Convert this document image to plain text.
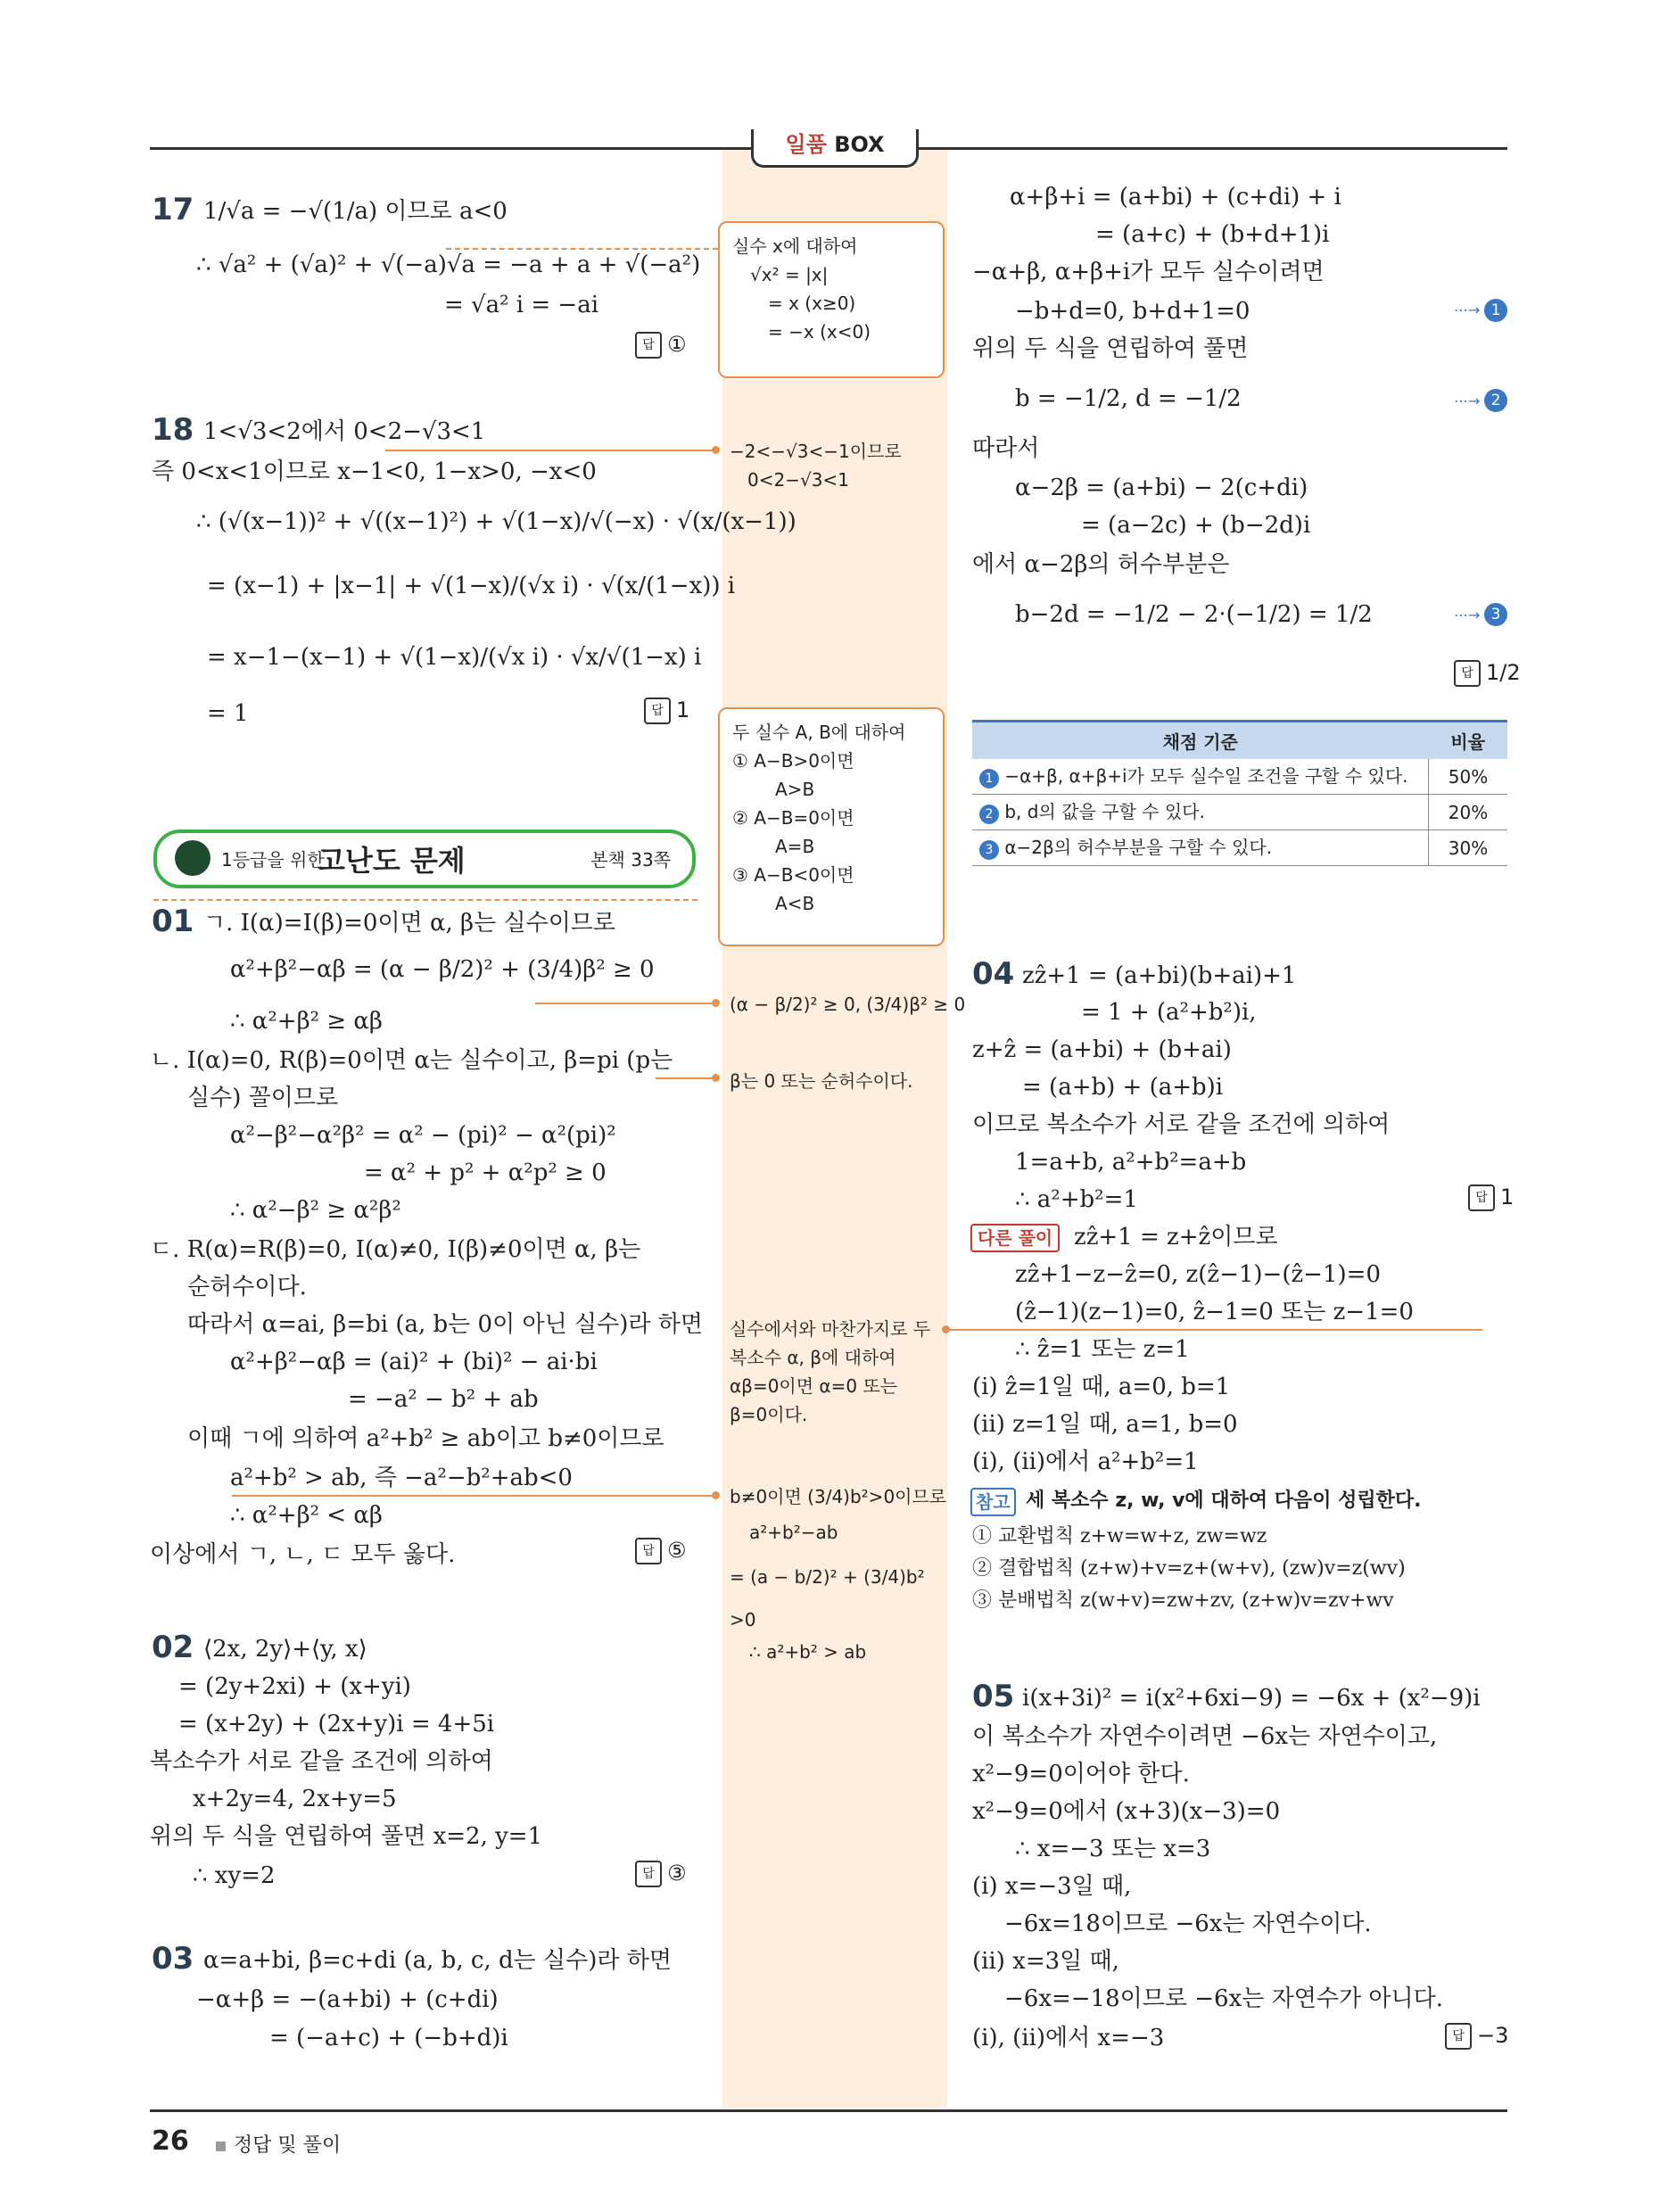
일품 BOX
17 1/√a = −√(1/a) 이므로 a<0
∴ √a² + (√a)² + √(−a)√a = −a + a + √(−a²)
= √a² i = −ai
답 ①
실수 x에 대하여
√x² = |x|
= x (x≥0)
= −x (x<0)
18 1<√3<2에서 0<2−√3<1
즉 0<x<1이므로 x−1<0, 1−x>0, −x<0
∴ (√(x−1))² + √((x−1)²) + √(1−x)/√(−x) · √(x/(x−1))
= (x−1) + |x−1| + √(1−x)/(√x i) · √(x/(1−x)) i
= x−1−(x−1) + √(1−x)/(√x i) · √x/√(1−x) i
= 1	답 1
−2<−√3<−1이므로
0<2−√3<1
두 실수 A, B에 대하여
① A−B>0이면
A>B
② A−B=0이면
A=B
③ A−B<0이면
A<B
1등급을 위한
고난도 문제	본책 33쪽
01 ㄱ. I(α)=I(β)=0이면 α, β는 실수이므로
α²+β²−αβ = (α − β/2)² + (3/4)β² ≥ 0
∴ α²+β² ≥ αβ
ㄴ. I(α)=0, R(β)=0이면 α는 실수이고, β=pi (p는
실수) 꼴이므로
α²−β²−α²β² = α² − (pi)² − α²(pi)²
= α² + p² + α²p² ≥ 0
∴ α²−β² ≥ α²β²
ㄷ. R(α)=R(β)=0, I(α)≠0, I(β)≠0이면 α, β는
순허수이다.
따라서 α=ai, β=bi (a, b는 0이 아닌 실수)라 하면
α²+β²−αβ = (ai)² + (bi)² − ai·bi
= −a² − b² + ab
이때 ㄱ에 의하여 a²+b² ≥ ab이고 b≠0이므로
a²+b² > ab, 즉 −a²−b²+ab<0
∴ α²+β² < αβ
이상에서 ㄱ, ㄴ, ㄷ 모두 옳다.	답 ⑤
(α − β/2)² ≥ 0, (3/4)β² ≥ 0
β는 0 또는 순허수이다.
실수에서와 마찬가지로 두
복소수 α, β에 대하여
αβ=0이면 α=0 또는
β=0이다.
b≠0이면 (3/4)b²>0이므로
a²+b²−ab
= (a − b/2)² + (3/4)b²
>0
∴ a²+b² > ab
02 ⟨2x, 2y⟩+⟨y, x⟩
= (2y+2xi) + (x+yi)
= (x+2y) + (2x+y)i = 4+5i
복소수가 서로 같을 조건에 의하여
x+2y=4, 2x+y=5
위의 두 식을 연립하여 풀면 x=2, y=1
∴ xy=2	답 ③
03 α=a+bi, β=c+di (a, b, c, d는 실수)라 하면
−α+β = −(a+bi) + (c+di)
= (−a+c) + (−b+d)i
α+β+i = (a+bi) + (c+di) + i
= (a+c) + (b+d+1)i
−α+β, α+β+i가 모두 실수이려면
−b+d=0, b+d+1=0	⋯→ 1
위의 두 식을 연립하여 풀면
b = −1/2, d = −1/2	⋯→ 2
따라서
α−2β = (a+bi) − 2(c+di)
= (a−2c) + (b−2d)i
에서 α−2β의 허수부분은
b−2d = −1/2 − 2·(−1/2) = 1/2	⋯→ 3
답 1/2
채점 기준	비율
1 −α+β, α+β+i가 모두 실수일 조건을 구할 수 있다.	50%
2 b, d의 값을 구할 수 있다.	20%
3 α−2β의 허수부분을 구할 수 있다.	30%
04 zẑ+1 = (a+bi)(b+ai)+1
= 1 + (a²+b²)i,
z+ẑ = (a+bi) + (b+ai)
= (a+b) + (a+b)i
이므로 복소수가 서로 같을 조건에 의하여
1=a+b, a²+b²=a+b
∴ a²+b²=1	답 1
다른 풀이 zẑ+1 = z+ẑ이므로
zẑ+1−z−ẑ=0, z(ẑ−1)−(ẑ−1)=0
(ẑ−1)(z−1)=0, ẑ−1=0 또는 z−1=0
∴ ẑ=1 또는 z=1
(ⅰ) ẑ=1일 때, a=0, b=1
(ⅱ) z=1일 때, a=1, b=0
(ⅰ), (ⅱ)에서 a²+b²=1
참고 세 복소수 z, w, v에 대하여 다음이 성립한다.
① 교환법칙 z+w=w+z, zw=wz
② 결합법칙 (z+w)+v=z+(w+v), (zw)v=z(wv)
③ 분배법칙 z(w+v)=zw+zv, (z+w)v=zv+wv
05 i(x+3i)² = i(x²+6xi−9) = −6x + (x²−9)i
이 복소수가 자연수이려면 −6x는 자연수이고,
x²−9=0이어야 한다.
x²−9=0에서 (x+3)(x−3)=0
∴ x=−3 또는 x=3
(ⅰ) x=−3일 때,
−6x=18이므로 −6x는 자연수이다.
(ⅱ) x=3일 때,
−6x=−18이므로 −6x는 자연수가 아니다.
(ⅰ), (ⅱ)에서 x=−3	답 −3
26 ▪ 정답 및 풀이
